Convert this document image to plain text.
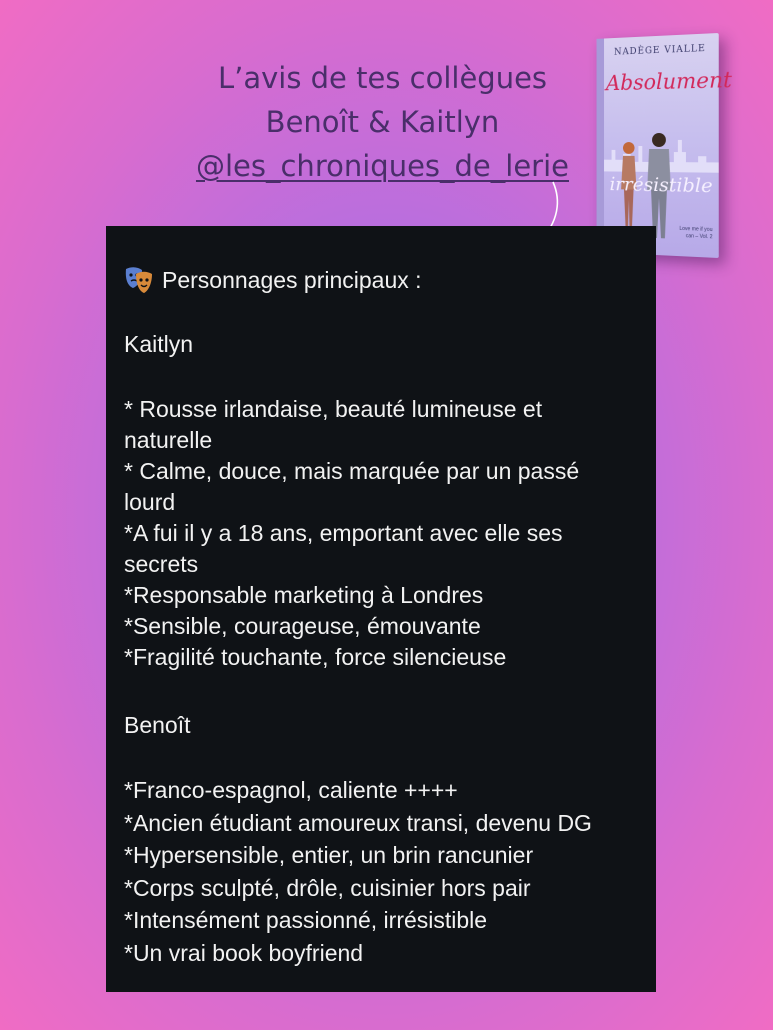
L’avis de tes collègues
Benoît & Kaitlyn
@les_chroniques_de_lerie
NADÈGE VIALLE
Absolument
irrésistible
Love me if you can – Vol. 2
Personnages principaux :
Kaitlyn
* Rousse irlandaise, beauté lumineuse et naturelle
* Calme, douce, mais marquée par un passé lourd
*A fui il y a 18 ans, emportant avec elle ses secrets
*Responsable marketing à Londres
*Sensible, courageuse, émouvante
*Fragilité touchante, force silencieuse
Benoît
*Franco-espagnol, caliente ++++
*Ancien étudiant amoureux transi, devenu DG
*Hypersensible, entier, un brin rancunier
*Corps sculpté, drôle, cuisinier hors pair
*Intensément passionné, irrésistible
*Un vrai book boyfriend
